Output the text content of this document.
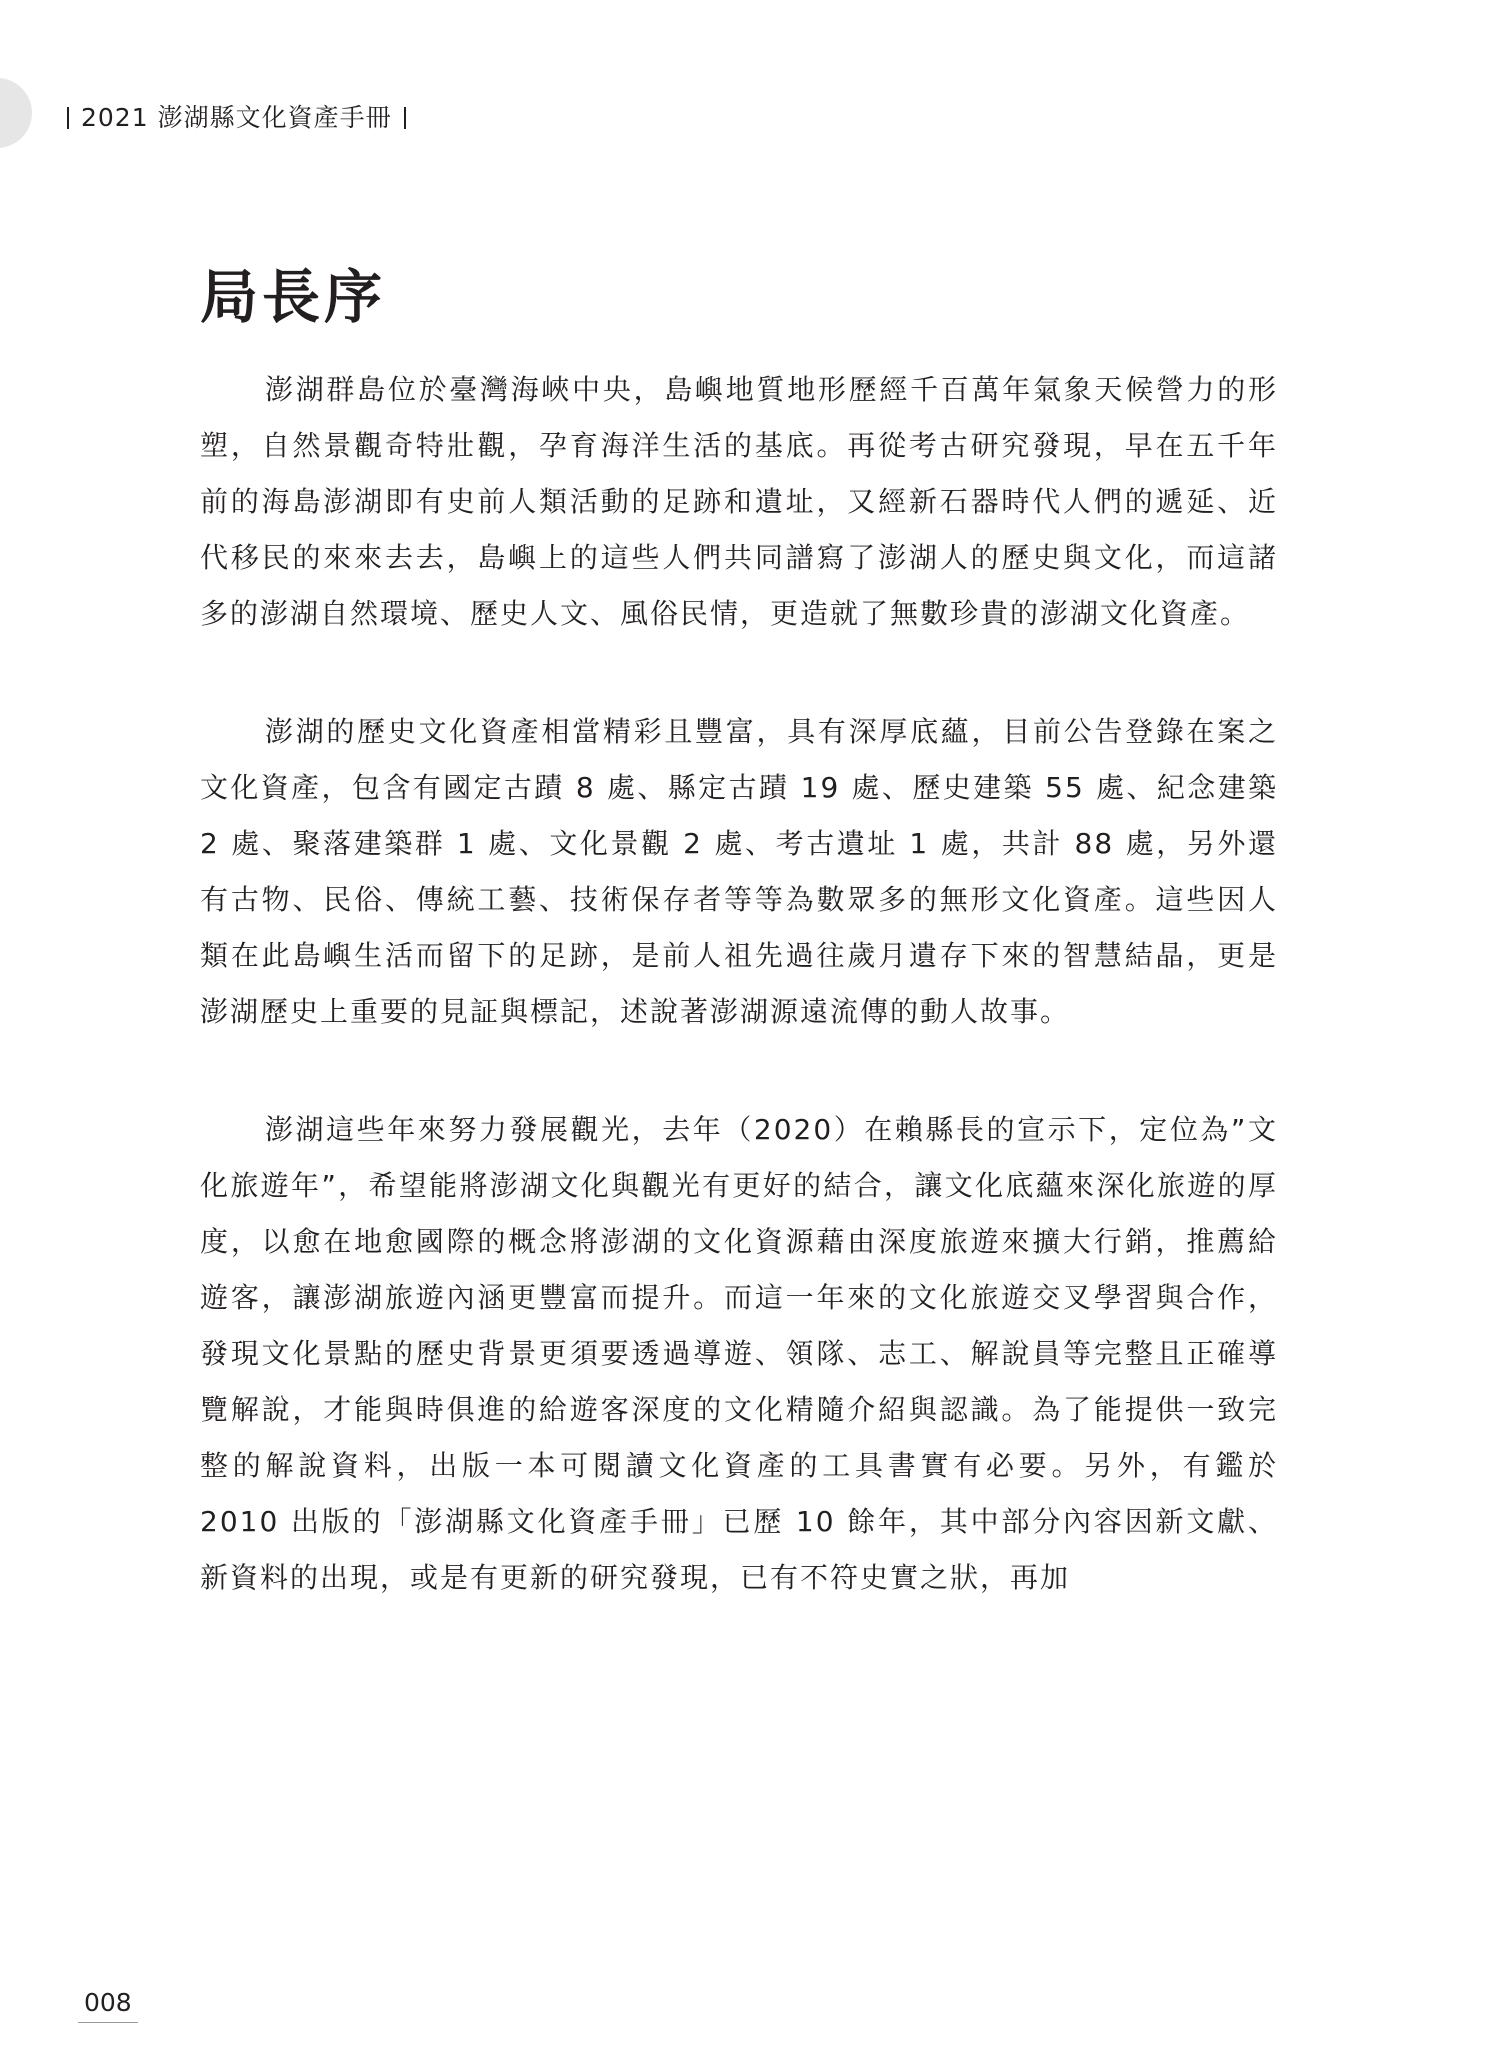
2021 澎湖縣文化資產手冊
局長序

澎湖群島位於臺灣海峽中央，島嶼地質地形歷經千百萬年氣象天候營力的形塑，自然景觀奇特壯觀，孕育海洋生活的基底。再從考古研究發現，早在五千年前的海島澎湖即有史前人類活動的足跡和遺址，又經新石器時代人們的遞延、近代移民的來來去去，島嶼上的這些人們共同譜寫了澎湖人的歷史與文化，而這諸多的澎湖自然環境、歷史人文、風俗民情，更造就了無數珍貴的澎湖文化資產。

澎湖的歷史文化資產相當精彩且豐富，具有深厚底蘊，目前公告登錄在案之文化資產，包含有國定古蹟 8 處、縣定古蹟 19 處、歷史建築 55 處、紀念建築 2 處、聚落建築群 1 處、文化景觀 2 處、考古遺址 1 處，共計 88 處，另外還有古物、民俗、傳統工藝、技術保存者等等為數眾多的無形文化資產。這些因人類在此島嶼生活而留下的足跡，是前人祖先過往歲月遺存下來的智慧結晶，更是澎湖歷史上重要的見証與標記，述說著澎湖源遠流傳的動人故事。

澎湖這些年來努力發展觀光，去年（2020）在賴縣長的宣示下，定位為”文化旅遊年”，希望能將澎湖文化與觀光有更好的結合，讓文化底蘊來深化旅遊的厚度，以愈在地愈國際的概念將澎湖的文化資源藉由深度旅遊來擴大行銷，推薦給遊客，讓澎湖旅遊內涵更豐富而提升。而這一年來的文化旅遊交叉學習與合作，發現文化景點的歷史背景更須要透過導遊、領隊、志工、解說員等完整且正確導覽解說，才能與時俱進的給遊客深度的文化精隨介紹與認識。為了能提供一致完整的解說資料，出版一本可閱讀文化資產的工具書實有必要。另外，有鑑於 2010 出版的「澎湖縣文化資產手冊」已歷 10 餘年，其中部分內容因新文獻、新資料的出現，或是有更新的研究發現，已有不符史實之狀，再加

008
